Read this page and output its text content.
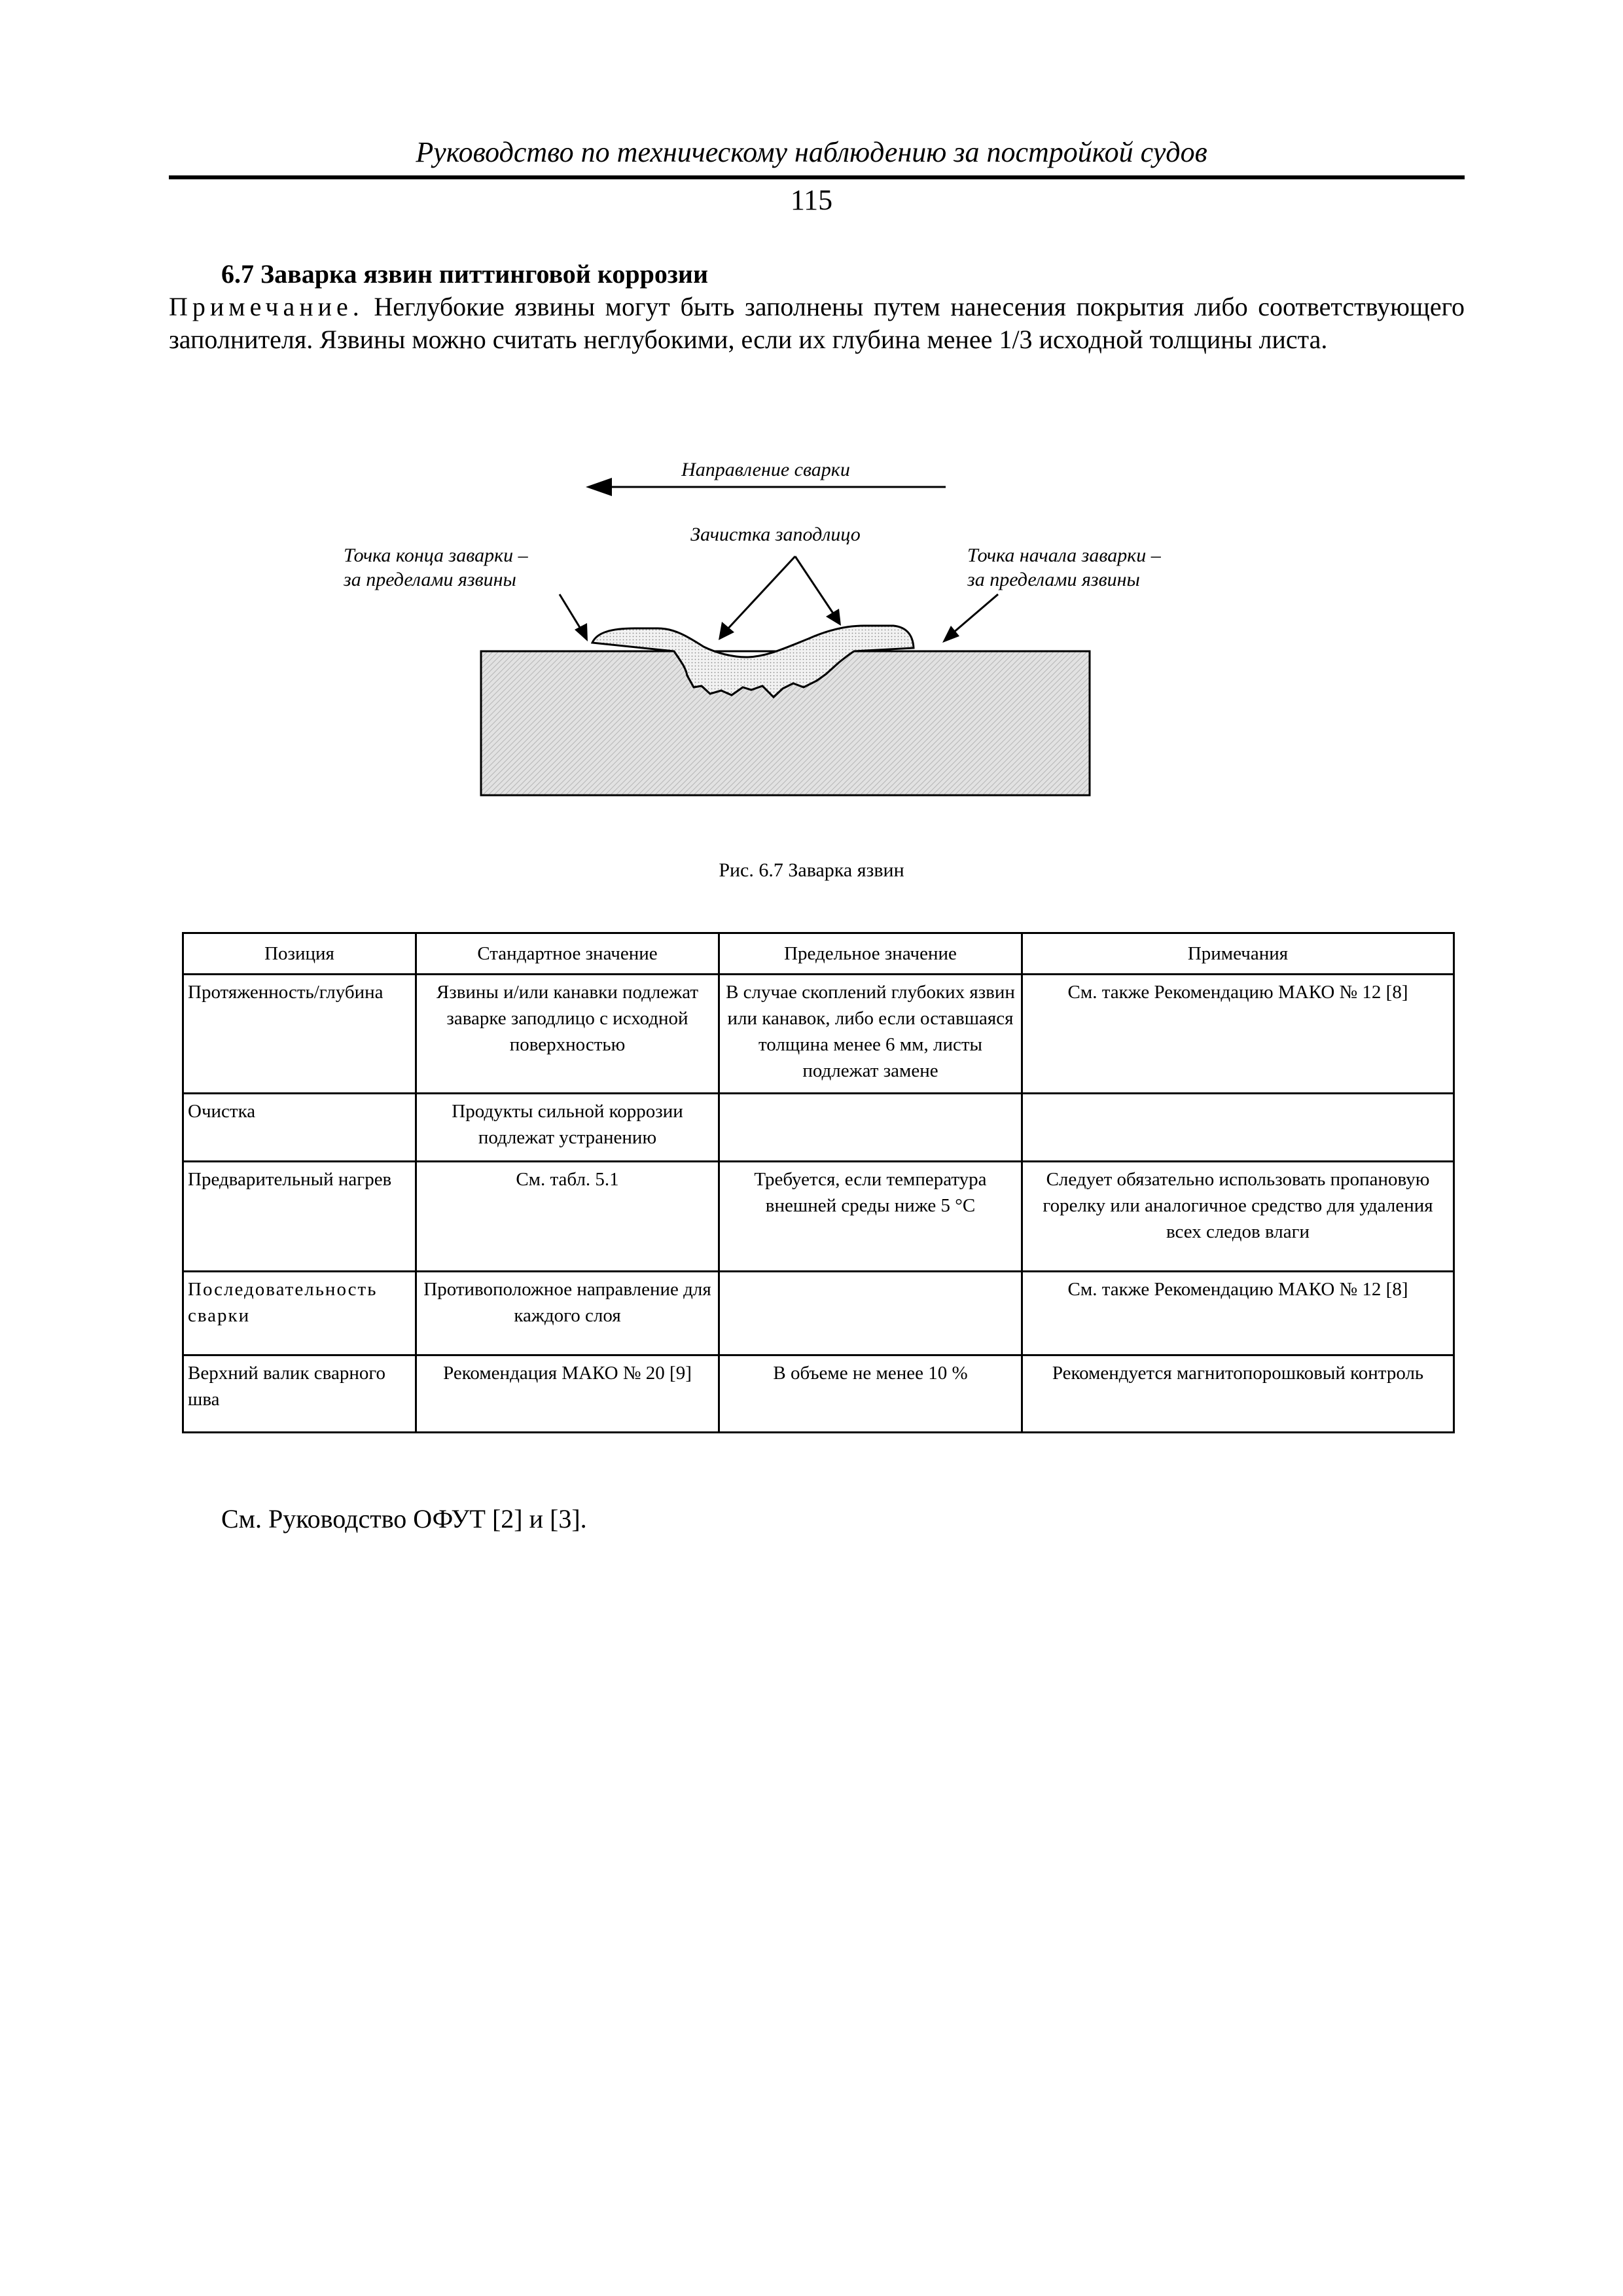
Руководство по техническому наблюдению за постройкой судов
115
6.7 Заварка язвин питтинговой коррозии
Примечание. Неглубокие язвины могут быть заполнены путем нанесения покрытия либо соответствующего заполнителя. Язвины можно считать неглубокими, если их глубина менее 1/3 исходной толщины листа.
Направление сварки
Зачистка заподлицо
Точка конца заварки –
за пределами язвины
Точка начала заварки –
за пределами язвины
Рис. 6.7 Заварка язвин
Позиция	Стандартное значение	Предельное значение	Примечания
Протяженность/глубина	Язвины и/или канавки подлежат заварке заподлицо с исходной поверхностью	В случае скоплений глубоких язвин или канавок, либо если оставшаяся толщина менее 6 мм, листы подлежат замене	См. также Рекомендацию МАКО № 12 [8]
Очистка	Продукты сильной коррозии подлежат устранению		
Предварительный нагрев	См. табл. 5.1	Требуется, если температура внешней среды ниже 5 °С	Следует обязательно использовать пропановую горелку или аналогичное средство для удаления всех следов влаги
Последовательность сварки	Противоположное направление для каждого слоя		См. также Рекомендацию МАКО № 12 [8]
Верхний валик сварного шва	Рекомендация МАКО № 20 [9]	В объеме не менее 10 %	Рекомендуется магнитопорошковый контроль
См. Руководство ОФУТ [2] и [3].
